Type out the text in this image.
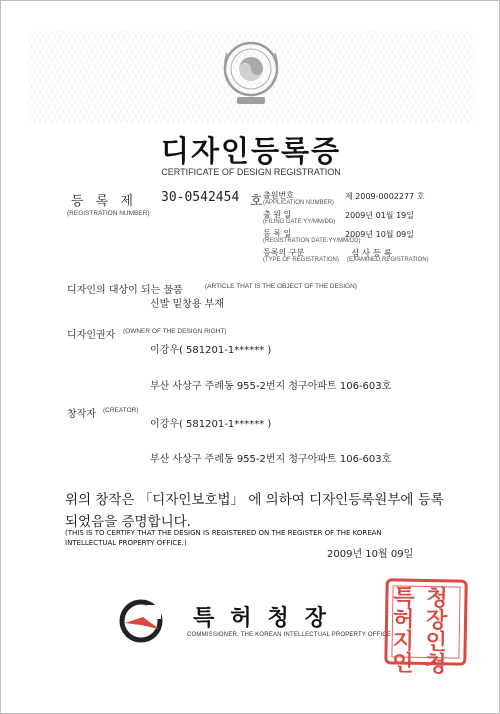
디자인등록증
CERTIFICATE OF DESIGN REGISTRATION
등 록 제 30-0542454 호
(REGISTRATION NUMBER)
출원번호
(APPLICATION NUMBER)
제 2009-0002277 호
출 원 일
(FILING DATE:YY/MM/DD)
2009년 01월 19일
등 록 일
(REGISTRATION DATE:YY/MM/DD)
2009년 10월 09일
등록의 구분
(TYPE OF REGISTRATION)
심 사 등 록
(EXAMINED REGISTRATION)
디자인의 대상이 되는 물품	(ARTICLE THAT IS THE OBJECT OF THE DESIGN)
신발 밑창용 부재
디자인권자 (OWNER OF THE DESIGN RIGHT)
이강우( 581201-1****** )
부산 사상구 주례동 955-2번지 청구아파트 106-603호
창작자 (CREATOR)
이강우( 581201-1****** )
부산 사상구 주례동 955-2번지 청구아파트 106-603호
위의 창작은 「디자인보호법」 에 의하여 디자인등록원부에 등록
되었음을 증명합니다.
(THIS IS TO CERTIFY THAT THE DESIGN IS REGISTERED ON THE REGISTER OF THE KOREAN
INTELLECTUAL PROPERTY OFFICE.)
2009년 10월 09일
특허청장
COMMISSIONER, THE KOREAN INTELLECTUAL PROPERTY OFFICE
특허
청장
지인
인청
